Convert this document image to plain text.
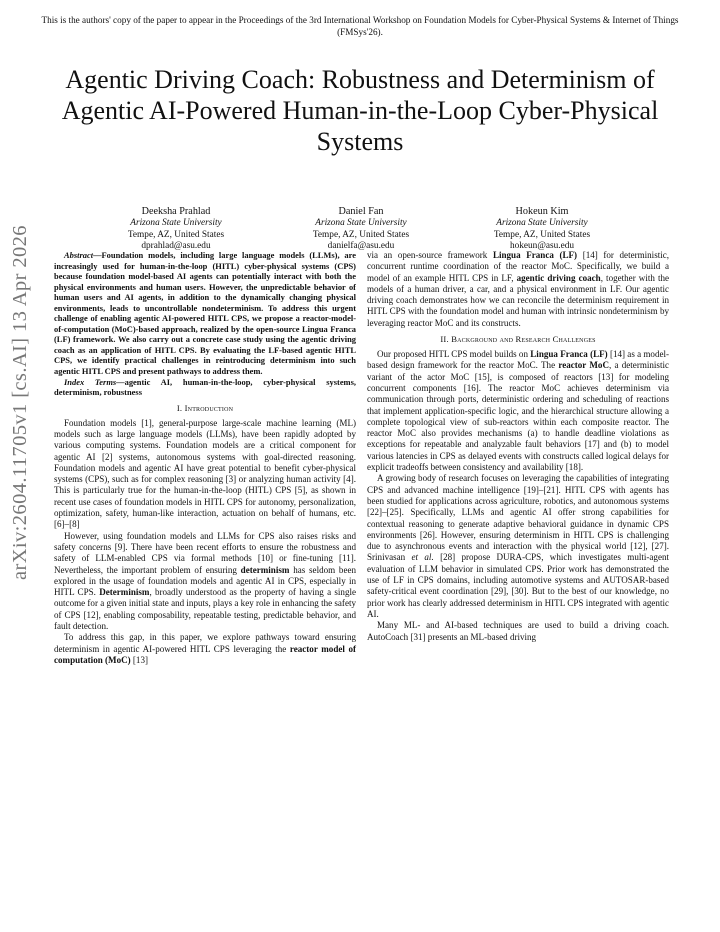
This is the authors' copy of the paper to appear in the Proceedings of the 3rd International Workshop on Foundation Models for Cyber-Physical Systems & Internet of Things (FMSys'26).
Agentic Driving Coach: Robustness and Determinism of Agentic AI-Powered Human-in-the-Loop Cyber-Physical Systems
Deeksha Prahlad
Arizona State University
Tempe, AZ, United States
dprahlad@asu.edu
Daniel Fan
Arizona State University
Tempe, AZ, United States
danielfa@asu.edu
Hokeun Kim
Arizona State University
Tempe, AZ, United States
hokeun@asu.edu
arXiv:2604.11705v1 [cs.AI] 13 Apr 2026	Abstract—Foundation models, including large language models (LLMs), are increasingly used for human-in-the-loop (HITL) cyber-physical systems (CPS) because foundation model-based AI agents can potentially interact with both the physical environments and human users. However, the unpredictable behavior of human users and AI agents, in addition to the dynamically changing physical environments, leads to uncontrollable nondeterminism. To address this urgent challenge of enabling agentic AI-powered HITL CPS, we propose a reactor-model-of-computation (MoC)-based approach, realized by the open-source Lingua Franca (LF) framework. We also carry out a concrete case study using the agentic driving coach as an application of HITL CPS. By evaluating the LF-based agentic HITL CPS, we identify practical challenges in reintroducing determinism into such agentic HITL CPS and present pathways to address them.

Index Terms—agentic AI, human-in-the-loop, cyber-physical systems, determinism, robustness

I. Introduction

Foundation models [1], general-purpose large-scale machine learning (ML) models such as large language models (LLMs), have been rapidly adopted by various computing systems. Foundation models are a critical component for agentic AI [2] systems, autonomous systems with goal-directed reasoning. Foundation models and agentic AI have great potential to benefit cyber-physical systems (CPS), such as for complex reasoning [3] or analyzing human activity [4]. This is particularly true for the human-in-the-loop (HITL) CPS [5], as shown in recent use cases of foundation models in HITL CPS for autonomy, personalization, optimization, safety, human-like interaction, actuation on behalf of humans, etc. [6]–[8]

However, using foundation models and LLMs for CPS also raises risks and safety concerns [9]. There have been recent efforts to ensure the robustness and safety of LLM-enabled CPS via formal methods [10] or fine-tuning [11]. Nevertheless, the important problem of ensuring determinism has seldom been explored in the usage of foundation models and agentic AI in CPS, especially in HITL CPS. Determinism, broadly understood as the property of having a single outcome for a given initial state and inputs, plays a key role in enhancing the safety of CPS [12], enabling composability, repeatable testing, predictable behavior, and fault detection.

To address this gap, in this paper, we explore pathways toward ensuring determinism in agentic AI-powered HITL CPS leveraging the reactor model of computation (MoC) [13]

via an open-source framework Lingua Franca (LF) [14] for deterministic, concurrent runtime coordination of the reactor MoC. Specifically, we build a model of an example HITL CPS in LF, agentic driving coach, together with the models of a human driver, a car, and a physical environment in LF. Our agentic driving coach demonstrates how we can reconcile the determinism requirement in HITL CPS with the foundation model and human with intrinsic nondeterminism by leveraging reactor MoC and its constructs.

II. Background and Research Challenges

Our proposed HITL CPS model builds on Lingua Franca (LF) [14] as a model-based design framework for the reactor MoC. The reactor MoC, a deterministic variant of the actor MoC [15], is composed of reactors [13] for modeling concurrent components [16]. The reactor MoC achieves determinism via communication through ports, deterministic ordering and scheduling of reactions that implement application-specific logic, and the hierarchical structure allowing a complete topological view of sub-reactors within each composite reactor. The reactor MoC also provides mechanisms (a) to handle deadline violations as exceptions for repeatable and analyzable fault behaviors [17] and (b) to model various latencies in CPS as delayed events with constructs called logical delays for explicit tradeoffs between consistency and availability [18].

A growing body of research focuses on leveraging the capabilities of integrating CPS and advanced machine intelligence [19]–[21]. HITL CPS with agents has been studied for applications across agriculture, robotics, and autonomous systems [22]–[25]. Specifically, LLMs and agentic AI offer strong capabilities for contextual reasoning to generate adaptive behavioral guidance in dynamic CPS environments [26]. However, ensuring determinism in HITL CPS is challenging due to asynchronous events and interaction with the physical world [12], [27]. Srinivasan et al. [28] propose DURA-CPS, which investigates multi-agent evaluation of LLM behavior in simulated CPS. Prior work has demonstrated the use of LF in CPS domains, including automotive systems and AUTOSAR-based safety-critical event coordination [29], [30]. But to the best of our knowledge, no prior work has clearly addressed determinism in HITL CPS integrated with agentic AI.

Many ML- and AI-based techniques are used to build a driving coach. AutoCoach [31] presents an ML-based driving
